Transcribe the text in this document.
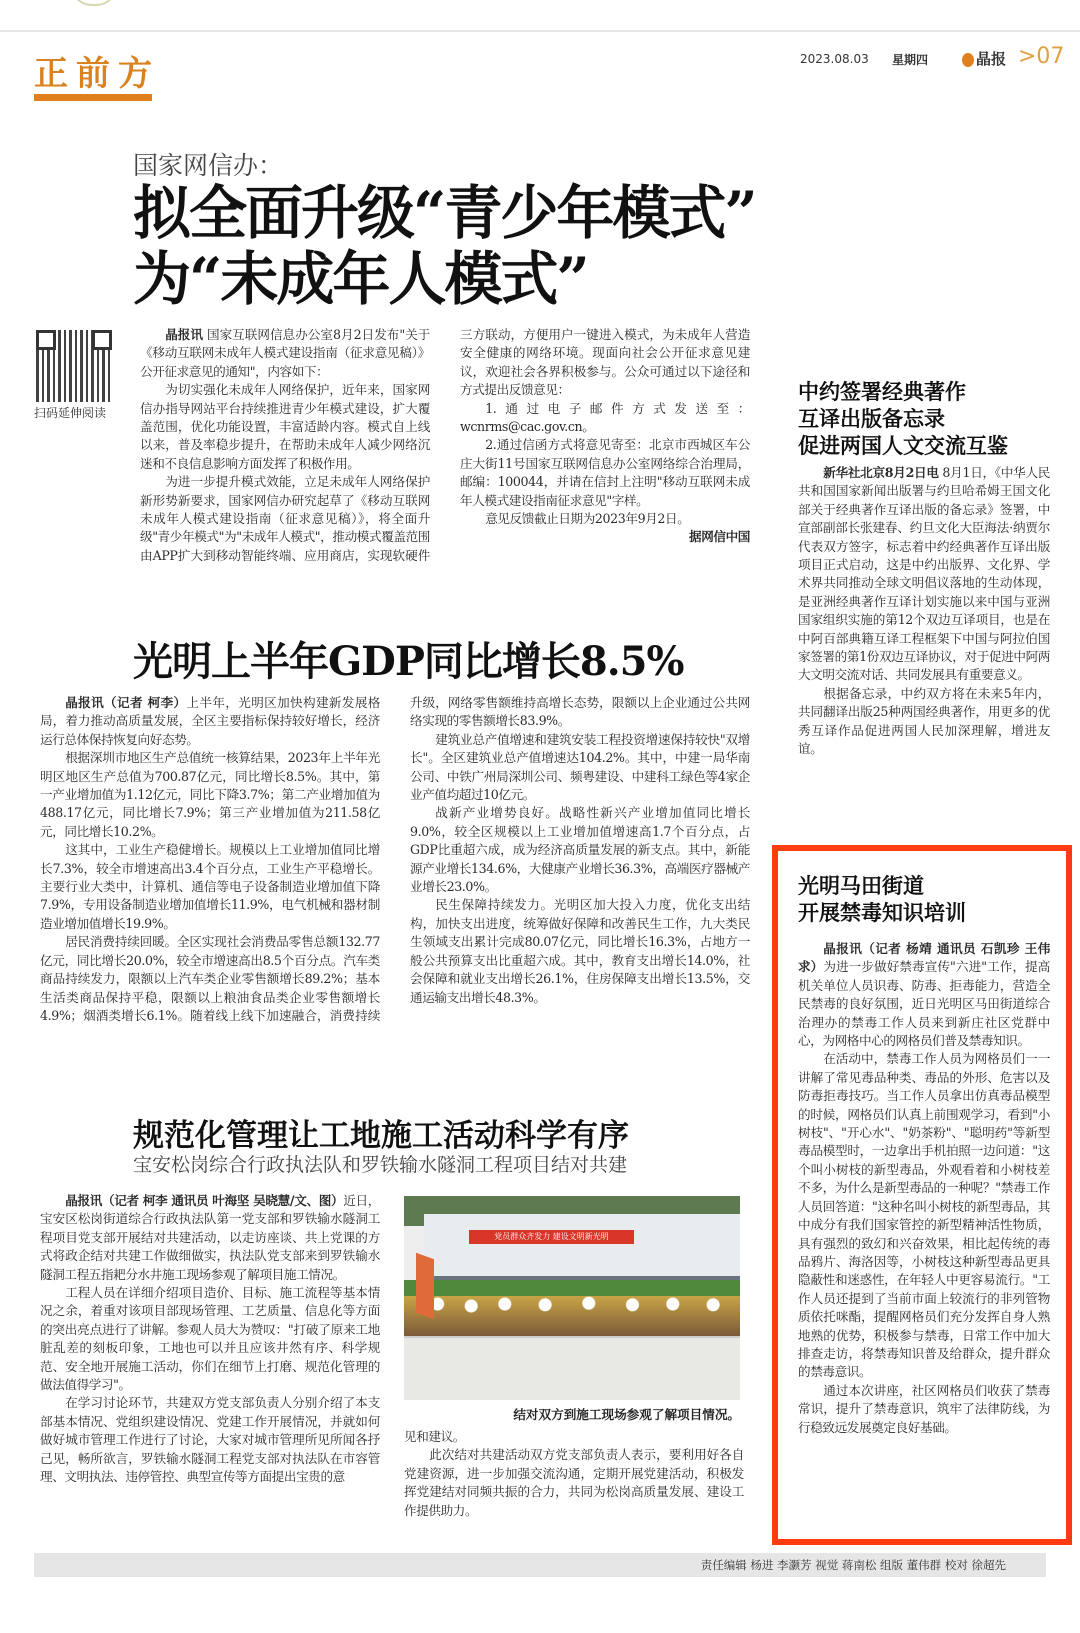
正前方	2023.08.03 星期四	晶报 >07
国家网信办：
拟全面升级“青少年模式”
为“未成年人模式”
扫码延伸阅读

晶报讯 国家互联网信息办公室8月2日发布"关于《移动互联网未成年人模式建设指南（征求意见稿）》公开征求意见的通知"，内容如下：

为切实强化未成年人网络保护，近年来，国家网信办指导网站平台持续推进青少年模式建设，扩大覆盖范围，优化功能设置，丰富适龄内容。模式自上线以来，普及率稳步提升，在帮助未成年人减少网络沉迷和不良信息影响方面发挥了积极作用。

为进一步提升模式效能，立足未成年人网络保护新形势新要求，国家网信办研究起草了《移动互联网未成年人模式建设指南（征求意见稿）》，将全面升级"青少年模式"为"未成年人模式"，推动模式覆盖范围由APP扩大到移动智能终端、应用商店，实现软硬件三方联动，方便用户一键进入模式，为未成年人营造安全健康的网络环境。现面向社会公开征求意见建议，欢迎社会各界积极参与。公众可通过以下途径和方式提出反馈意见：

1.通过电子邮件方式发送至：wcnrms@cac.gov.cn。

2.通过信函方式将意见寄至：北京市西城区车公庄大街11号国家互联网信息办公室网络综合治理局，邮编：100044，并请在信封上注明"移动互联网未成年人模式建设指南征求意见"字样。

意见反馈截止日期为2023年9月2日。

据网信中国

光明上半年GDP同比增长8.5%

晶报讯（记者 柯李）上半年，光明区加快构建新发展格局，着力推动高质量发展，全区主要指标保持较好增长，经济运行总体保持恢复向好态势。

根据深圳市地区生产总值统一核算结果，2023年上半年光明区地区生产总值为700.87亿元，同比增长8.5%。其中，第一产业增加值为1.12亿元，同比下降3.7%；第二产业增加值为488.17亿元，同比增长7.9%；第三产业增加值为211.58亿元，同比增长10.2%。

这其中，工业生产稳健增长。规模以上工业增加值同比增长7.3%，较全市增速高出3.4个百分点，工业生产平稳增长。主要行业大类中，计算机、通信等电子设备制造业增加值下降7.9%，专用设备制造业增加值增长11.9%，电气机械和器材制造业增加值增长19.9%。

居民消费持续回暖。全区实现社会消费品零售总额132.77亿元，同比增长20.0%，较全市增速高出8.5个百分点。汽车类商品持续发力，限额以上汽车类企业零售额增长89.2%；基本生活类商品保持平稳，限额以上粮油食品类企业零售额增长4.9%；烟酒类增长6.1%。随着线上线下加速融合，消费持续升级，网络零售额维持高增长态势，限额以上企业通过公共网络实现的零售额增长83.9%。

建筑业总产值增速和建筑安装工程投资增速保持较快"双增长"。全区建筑业总产值增速达104.2%。其中，中建一局华南公司、中铁广州局深圳公司、频粤建设、中建科工绿色等4家企业产值均超过10亿元。

战新产业增势良好。战略性新兴产业增加值同比增长9.0%，较全区规模以上工业增加值增速高1.7个百分点，占GDP比重超六成，成为经济高质量发展的新支点。其中，新能源产业增长134.6%，大健康产业增长36.3%，高端医疗器械产业增长23.0%。

民生保障持续发力。光明区加大投入力度，优化支出结构，加快支出进度，统筹做好保障和改善民生工作，九大类民生领域支出累计完成80.07亿元，同比增长16.3%，占地方一般公共预算支出比重超六成。其中，教育支出增长14.0%，社会保障和就业支出增长26.1%，住房保障支出增长13.5%，交通运输支出增长48.3%。

中约签署经典著作
互译出版备忘录
促进两国人文交流互鉴

新华社北京8月2日电 8月1日，《中华人民共和国国家新闻出版署与约旦哈希姆王国文化部关于经典著作互译出版的备忘录》签署，中宣部副部长张建春、约旦文化大臣海法·纳贾尔代表双方签字，标志着中约经典著作互译出版项目正式启动，这是中约出版界、文化界、学术界共同推动全球文明倡议落地的生动体现，是亚洲经典著作互译计划实施以来中国与亚洲国家组织实施的第12个双边互译项目，也是在中阿百部典籍互译工程框架下中国与阿拉伯国家签署的第1份双边互译协议，对于促进中阿两大文明交流对话、共同发展具有重要意义。

根据备忘录，中约双方将在未来5年内，共同翻译出版25种两国经典著作，用更多的优秀互译作品促进两国人民加深理解，增进友谊。

光明马田街道
开展禁毒知识培训

晶报讯（记者 杨靖 通讯员 石凯珍 王伟求）为进一步做好禁毒宣传"六进"工作，提高机关单位人员识毒、防毒、拒毒能力，营造全民禁毒的良好氛围，近日光明区马田街道综合治理办的禁毒工作人员来到新庄社区党群中心，为网格中心的网格员们普及禁毒知识。

在活动中，禁毒工作人员为网格员们一一讲解了常见毒品种类、毒品的外形、危害以及防毒拒毒技巧。当工作人员拿出仿真毒品模型的时候，网格员们认真上前围观学习，看到"小树枝"、"开心水"、"奶茶粉"、"聪明药"等新型毒品模型时，一边拿出手机拍照一边问道："这个叫小树枝的新型毒品，外观看着和小树枝差不多，为什么是新型毒品的一种呢？"禁毒工作人员回答道："这种名叫小树枝的新型毒品，其中成分有我们国家管控的新型精神活性物质，具有强烈的致幻和兴奋效果，相比起传统的毒品鸦片、海洛因等，小树枝这种新型毒品更具隐蔽性和迷惑性，在年轻人中更容易流行。"工作人员还提到了当前市面上较流行的非列管物质依托咪酯，提醒网格员们充分发挥自身人熟地熟的优势，积极参与禁毒，日常工作中加大排查走访，将禁毒知识普及给群众，提升群众的禁毒意识。

通过本次讲座，社区网格员们收获了禁毒常识，提升了禁毒意识，筑牢了法律防线，为行稳致远发展奠定良好基础。

规范化管理让工地施工活动科学有序
宝安松岗综合行政执法队和罗铁输水隧洞工程项目结对共建

晶报讯（记者 柯李 通讯员 叶海坚 吴晓慧/文、图）近日，宝安区松岗街道综合行政执法队第一党支部和罗铁输水隧洞工程项目党支部开展结对共建活动，以走访座谈、共上党课的方式将政企结对共建工作做细做实，执法队党支部来到罗铁输水隧洞工程五指耙分水井施工现场参观了解项目施工情况。

工程人员在详细介绍项目造价、目标、施工流程等基本情况之余，着重对该项目部现场管理、工艺质量、信息化等方面的突出亮点进行了讲解。参观人员大为赞叹："打破了原来工地脏乱差的刻板印象，工地也可以并且应该井然有序、科学规范、安全地开展施工活动，你们在细节上打磨、规范化管理的做法值得学习"。

在学习讨论环节，共建双方党支部负责人分别介绍了本支部基本情况、党组织建设情况、党建工作开展情况，并就如何做好城市管理工作进行了讨论，大家对城市管理所见所闻各抒己见，畅所欲言，罗铁输水隧洞工程党支部对执法队在市容管理、文明执法、违停管控、典型宣传等方面提出宝贵的意

党员群众齐发力 建设文明新光明
结对双方到施工现场参观了解项目情况。

见和建议。

此次结对共建活动双方党支部负责人表示，要利用好各自党建资源，进一步加强交流沟通，定期开展党建活动，积极发挥党建结对同频共振的合力，共同为松岗高质量发展、建设工作提供助力。

责任编辑 杨进 李灏芳 视觉 蒋南松 组版 董伟群 校对 徐超先
